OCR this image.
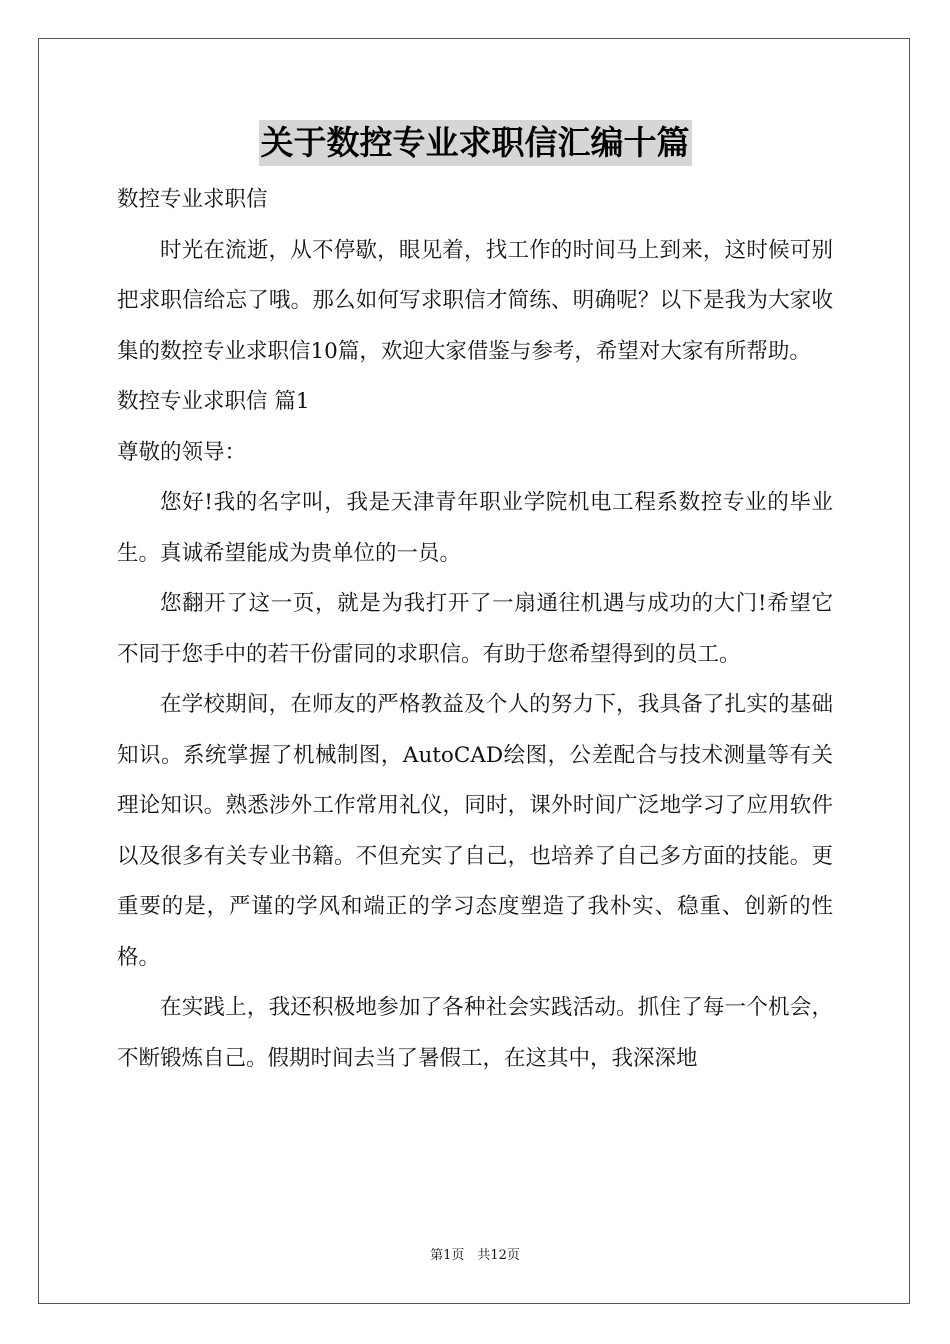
关于数控专业求职信汇编十篇

数控专业求职信

时光在流逝，从不停歇，眼见着，找工作的时间马上到来，这时候可别把求职信给忘了哦。那么如何写求职信才简练、明确呢？以下是我为大家收集的数控专业求职信10篇，欢迎大家借鉴与参考，希望对大家有所帮助。

数控专业求职信 篇1

尊敬的领导：

您好!我的名字叫，我是天津青年职业学院机电工程系数控专业的毕业生。真诚希望能成为贵单位的一员。

您翻开了这一页，就是为我打开了一扇通往机遇与成功的大门!希望它不同于您手中的若干份雷同的求职信。有助于您希望得到的员工。

在学校期间，在师友的严格教益及个人的努力下，我具备了扎实的基础知识。系统掌握了机械制图，AutoCAD绘图，公差配合与技术测量等有关理论知识。熟悉涉外工作常用礼仪，同时，课外时间广泛地学习了应用软件以及很多有关专业书籍。不但充实了自己，也培养了自己多方面的技能。更重要的是，严谨的学风和端正的学习态度塑造了我朴实、稳重、创新的性格。

在实践上，我还积极地参加了各种社会实践活动。抓住了每一个机会，不断锻炼自己。假期时间去当了暑假工，在这其中，我深深地

第1页　共12页
